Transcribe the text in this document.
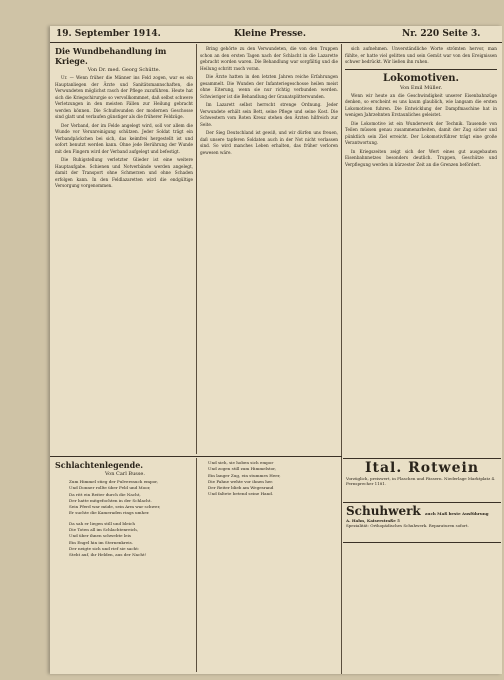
19. September 1914.	Kleine Presse.	Nr. 220 Seite 3.
Die Wundbehandlung im Kriege.
Von Dr. med. Georg Schütte.

Ur. — Wenn früher die Männer ins Feld zogen, war es ein Hauptanliegen der Ärzte und Sanitätsmannschaften, die Verwundeten möglichst rasch der Pflege zuzuführen. Heute hat sich die Kriegschirurgie so vervollkommnet, daß selbst schwere Verletzungen in den meisten Fällen zur Heilung gebracht werden können. Die Schußwunden der modernen Geschosse sind glatt und verlaufen günstiger als die früherer Feldzüge.

Der Verband, der im Felde angelegt wird, soll vor allem die Wunde vor Verunreinigung schützen. Jeder Soldat trägt ein Verbandpäckchen bei sich, das keimfrei hergestellt ist und sofort benutzt werden kann. Ohne jede Berührung der Wunde mit den Fingern wird der Verband aufgelegt und befestigt.

Die Ruhigstellung verletzter Glieder ist eine weitere Hauptaufgabe. Schienen und Notverbände werden angelegt, damit der Transport ohne Schmerzen und ohne Schaden erfolgen kann. In den Feldlazaretten wird die endgültige Versorgung vorgenommen.

Bring gehörte zu den Verwundeten, die von den Truppen schon an den ersten Tagen nach der Schlacht in die Lazarette gebracht worden waren. Die Behandlung war sorgfältig und die Heilung schritt rasch voran.

Die Ärzte hatten in den letzten Jahren reiche Erfahrungen gesammelt. Die Wunden der Infanteriegeschosse heilen meist ohne Eiterung, wenn sie nur richtig verbunden werden. Schwieriger ist die Behandlung der Granatsplitterwunden.

Im Lazarett selbst herrscht strenge Ordnung. Jeder Verwundete erhält sein Bett, seine Pflege und seine Kost. Die Schwestern vom Roten Kreuz stehen den Ärzten hilfreich zur Seite.

Der Sieg Deutschland ist gewiß, und wir dürfen uns freuen, daß unsere tapferen Soldaten auch in der Not nicht verlassen sind. So wird manches Leben erhalten, das früher verloren gewesen wäre.

sich aufnehmen. Unverständliche Worte strömten hervor, man fühlte, er hatte viel gelitten und sein Gemüt war von den Ereignissen schwer bedrückt. Wir ließen ihn ruhen.

Lokomotiven.
Von Emil Müller.

Wenn wir heute an die Geschwindigkeit unserer Eisenbahnzüge denken, so erscheint es uns kaum glaublich, wie langsam die ersten Lokomotiven fuhren. Die Entwicklung der Dampfmaschine hat in wenigen Jahrzehnten Erstaunliches geleistet.

Die Lokomotive ist ein Wunderwerk der Technik. Tausende von Teilen müssen genau zusammenarbeiten, damit der Zug sicher und pünktlich sein Ziel erreicht. Der Lokomotivführer trägt eine große Verantwortung.

In Kriegszeiten zeigt sich der Wert eines gut ausgebauten Eisenbahnnetzes besonders deutlich. Truppen, Geschütze und Verpflegung werden in kürzester Zeit an die Grenzen befördert.

Ital. Rotwein
Vorzüglich, preiswert, in Flaschen und Fässern. Niederlage Marktplatz 4. Fernsprecher 1181.
Schuhwerk auch Maß beste Ausführung
A. Hahn, Kaiserstraße 5
Spezialität: Orthopädisches Schuhwerk. Reparaturen sofort.
Schlachtenlegende.
Von Carl Busse.
Zum Himmel stieg der Pulverrauch empor,
Und Donner rollte über Feld und Moor,
Da ritt ein Reiter durch die Nacht,
Der hatte mitgefochten in der Schlacht.
Sein Pferd war müde, sein Arm war schwer,
Er suchte die Kameraden rings umher.
Da sah er liegen still und bleich
Die Toten all im Schlachtenreich,
Und über ihnen schwebte leis
Ein Engel hin im Sternenkreis.
Der neigte sich und rief sie sacht:
Steht auf, ihr Helden, aus der Nacht!
Und sieh, sie hoben sich empor
Und zogen still zum Himmelstor,
Ein langer Zug, ein stummes Heer,
Die Fahne wehte vor ihnen her.
Der Reiter blieb am Wegesrand
Und faltete betend seine Hand.
